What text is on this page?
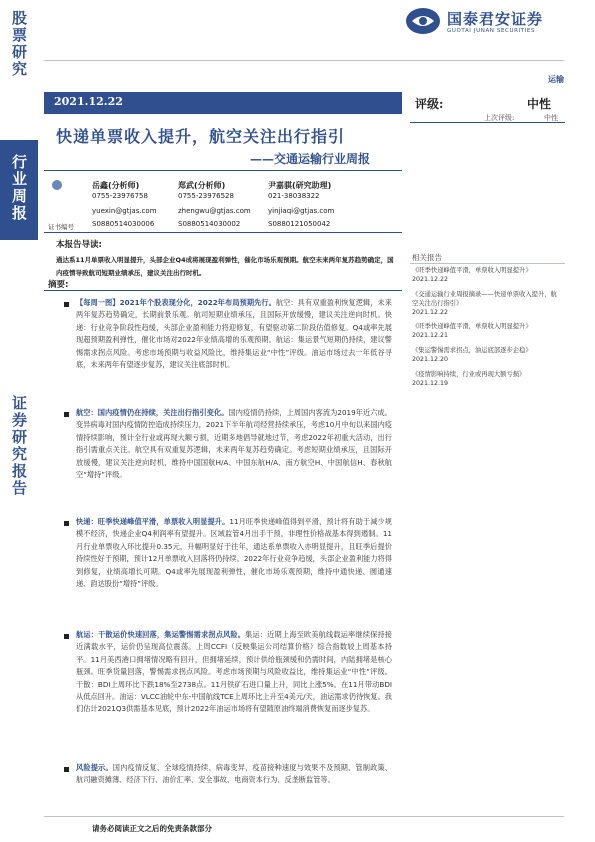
股票研究
行业周报
证券研究报告
国泰君安证券
GUOTAI JUNAN SECURITIES
运输
2021.12.22	评级:	中性
上次评级:	中性
快递单票收入提升，航空关注出行指引
——交通运输行业周报
岳鑫(分析师)
0755-23976758
yuexin@gtjas.com
S0880514030006
郑武(分析师)
0755-23976528
zhengwu@gtjas.com
S0880514030002
尹嘉骐(研究助理)
021-38038322
yinjiaqi@gtjas.com
S0880121050042
证书编号
本报告导读:
通达系11月单票收入明显提升，头部企业Q4成将展现盈利弹性，催化市场乐观预期。航空未来两年复苏趋势确定，国内疫情导致航司短期业绩承压，建议关注出行时机。
摘要:
【每周一图】2021年个股表现分化，2022年布局预期先行。航空：具有双重盈利恢复逻辑，未来两年复苏趋势确定，长期前景乐观。航司短期业绩承压，且国际开放缓慢，建议关注逆向时机。快递：行业竞争阶段性趋缓，头部企业盈利能力将迎修复，有望驱动第二阶段估值修复。Q4或率先展现超预期盈利弹性，催化市场对2022年业绩高增的乐观预期。航运：集运景气短期仍持续，建议警惕需求拐点风险。考虑市场预期与收益风险比，维持集运业“中性”评级。油运市场过去一年低谷寻底，未来两年有望逐步复苏，建议关注底部时机。
航空：国内疫情仍在持续，关注出行指引变化。国内疫情仍持续，上周国内客流为2019年近六成。变异病毒对国内疫情防控造成持续压力，2021下半年航司经营持续承压，考虑10月中旬以来国内疫情持续影响，预计全行业或再现大额亏损，近期多地倡导就地过节，考虑2022年初重大活动，出行指引需重点关注。航空具有双重复苏逻辑，未来两年复苏趋势确定。考虑短期业绩承压，且国际开放缓慢，建议关注逆向时机，维持中国国航H/A、中国东航H/A、南方航空H、中国航信H、春秋航空“增持”评级。
快递：旺季快递峰值平滑，单票收入明显提升。11月旺季快递峰值得到平滑，预计将有助于减少规模不经济，快递企业Q4利润率有望提升。区域监管4月出手干预，非理性价格战基本得到遏制。11月行业单票收入环比提升0.35元，升幅明显好于往年，通达系单票收入亦明显提升，且旺季后提价持续性好于预期，预计12月单票收入回落将仍持续。2022年行业竞争趋缓，头部企业盈利能力将得到修复，业绩高增长可期。Q4或率先展现盈利弹性，催化市场乐观预期，维持中通快递、圆通速递、韵达股份“增持”评级。
航运：干散运价快速回落，集运警惕需求拐点风险。集运：近期上海至欧美航线载运率继续保持接近满载水平，运价仍呈现高位震荡。上周CCFI（反映集运公司结算价格）综合指数较上周基本持平。11月美西港口拥堵情况略有回升，但拥堵延续，预计供给瓶颈缓和仍需时间，内陆拥堵是核心瓶颈。旺季货量回落，警惕需求拐点风险。考虑市场预期与风险收益比，维持集运业“中性”评级。干散：BDI上周环比下跌18%至2738点。11月铁矿石进口量上升，同比上涨5%。在11月带动BDI从低点回升。油运：VLCC油轮中东-中国航线TCE上周环比上升至4美元/天，油运需求仍待恢复。我们估计2021Q3供需基本见底，预计2022年油运市场将有望随原油终端消费恢复而逐步复苏。
风险提示。国内疫情反复、全球疫情持续、病毒变异，疫苗接种速度与效果不及预期、管制政策、航司融资摊薄、经济下行、油价汇率、安全事故、电商资本行为、反垄断监管等。
相关报告
《旺季快递峰值平滑，单票收入明显提升》
2021.12.22
《交通运输行业周报摘录——快递单票收入提升，航空关注出行指引》
2021.12.22
《旺季快递峰值平滑，单票收入明显提升》
2021.12.21
《集运警惕需求拐点，油运底部逐步企稳》
2021.12.20
《疫情影响持续，行业或再现大额亏损》
2021.12.19
请务必阅读正文之后的免责条款部分
